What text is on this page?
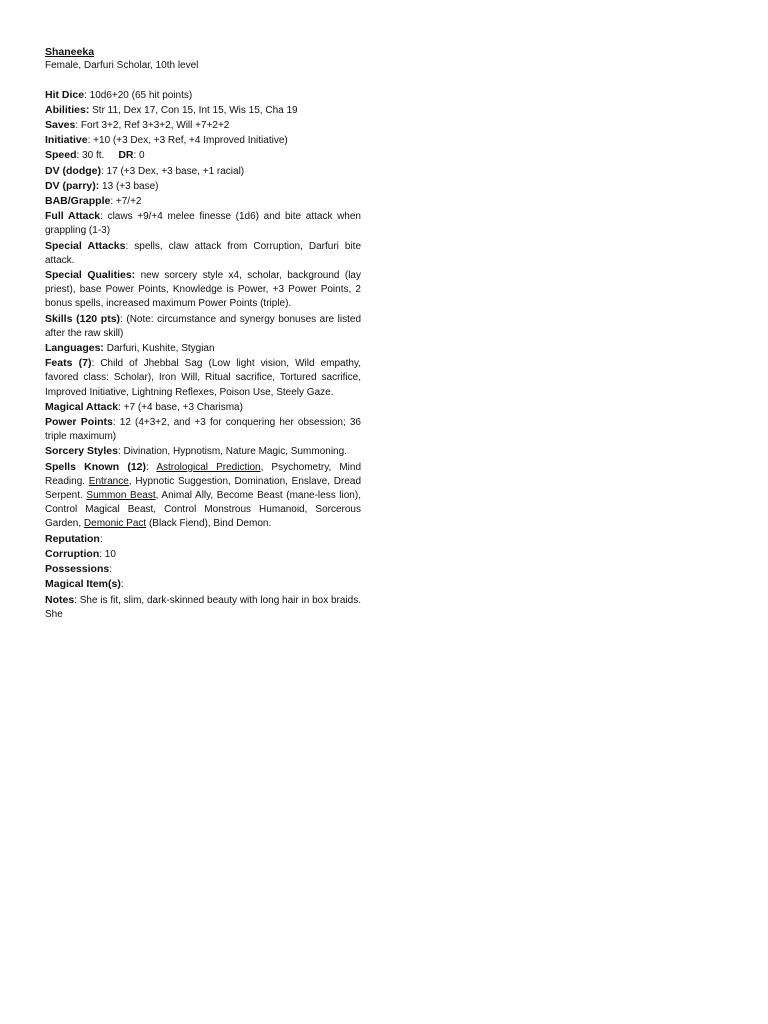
Shaneeka

Female, Darfuri Scholar, 10th level

Hit Dice: 10d6+20 (65 hit points)

Abilities: Str 11, Dex 17, Con 15, Int 15, Wis 15, Cha 19

Saves: Fort 3+2, Ref 3+3+2, Will +7+2+2

Initiative: +10 (+3 Dex, +3 Ref, +4 Improved Initiative)

Speed: 30 ft. DR: 0

DV (dodge): 17 (+3 Dex, +3 base, +1 racial)

DV (parry): 13 (+3 base)

BAB/Grapple: +7/+2

Full Attack: claws +9/+4 melee finesse (1d6) and bite attack when grappling (1-3)

Special Attacks: spells, claw attack from Corruption, Darfuri bite attack.

Special Qualities: new sorcery style x4, scholar, background (lay priest), base Power Points, Knowledge is Power, +3 Power Points, 2 bonus spells, increased maximum Power Points (triple).

Skills (120 pts): (Note: circumstance and synergy bonuses are listed after the raw skill)

Languages: Darfuri, Kushite, Stygian

Feats (7): Child of Jhebbal Sag (Low light vision, Wild empathy, favored class: Scholar), Iron Will, Ritual sacrifice, Tortured sacrifice, Improved Initiative, Lightning Reflexes, Poison Use, Steely Gaze.

Magical Attack: +7 (+4 base, +3 Charisma)

Power Points: 12 (4+3+2, and +3 for conquering her obsession; 36 triple maximum)

Sorcery Styles: Divination, Hypnotism, Nature Magic, Summoning.

Spells Known (12): Astrological Prediction, Psychometry, Mind Reading. Entrance, Hypnotic Suggestion, Domination, Enslave, Dread Serpent. Summon Beast, Animal Ally, Become Beast (mane-less lion), Control Magical Beast, Control Monstrous Humanoid, Sorcerous Garden, Demonic Pact (Black Fiend), Bind Demon.

Reputation:

Corruption: 10

Possessions:

Magical Item(s):

Notes: She is fit, slim, dark-skinned beauty with long hair in box braids. She
